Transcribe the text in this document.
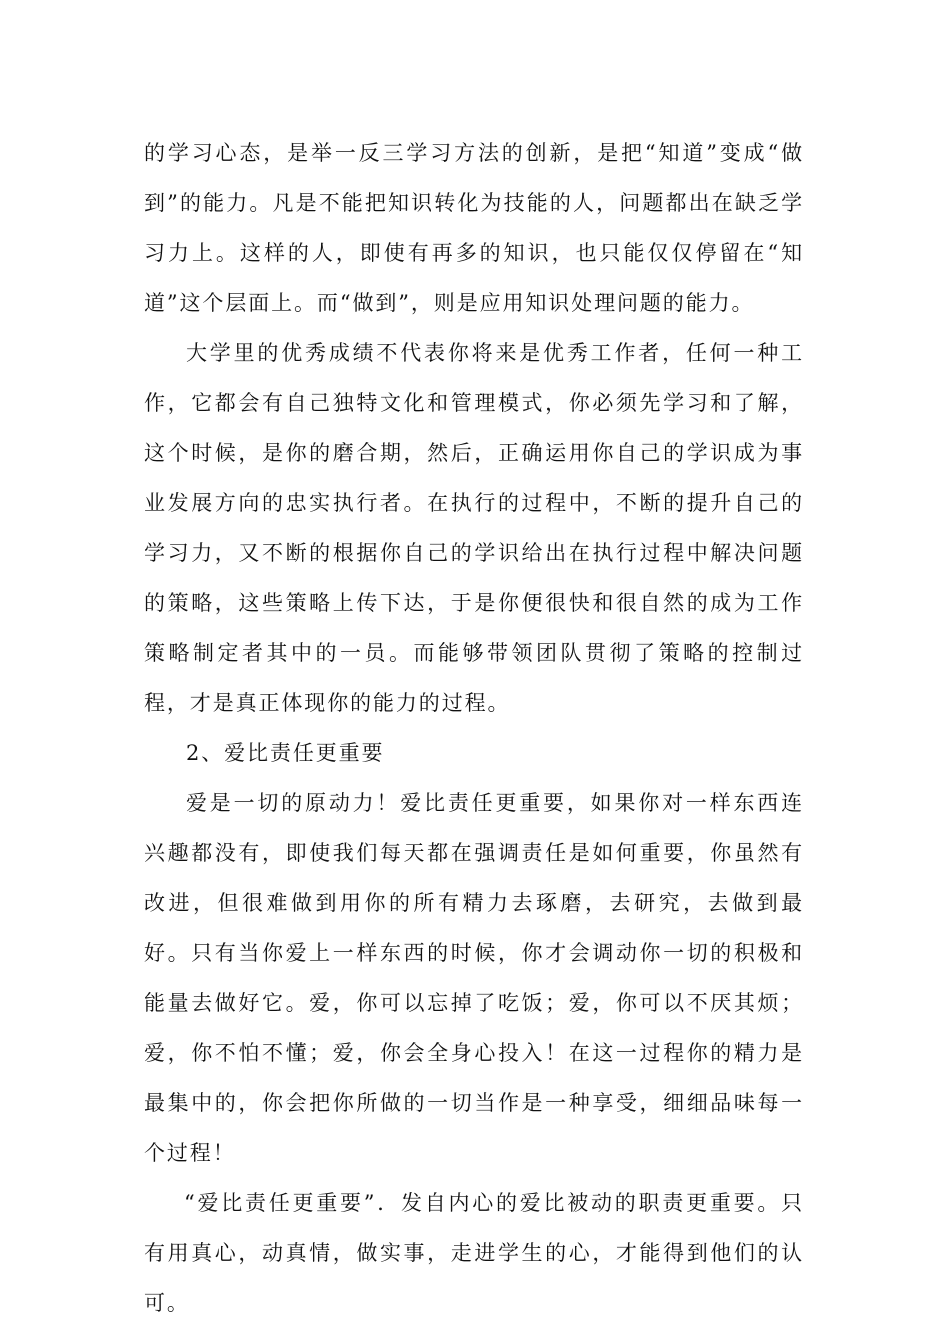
的学习心态，是举一反三学习方法的创新，是把“知道”变成“做到”的能力。凡是不能把知识转化为技能的人，问题都出在缺乏学习力上。这样的人，即使有再多的知识，也只能仅仅停留在“知道”这个层面上。而“做到”，则是应用知识处理问题的能力。

大学里的优秀成绩不代表你将来是优秀工作者，任何一种工作，它都会有自己独特文化和管理模式，你必须先学习和了解，这个时候，是你的磨合期，然后，正确运用你自己的学识成为事业发展方向的忠实执行者。在执行的过程中，不断的提升自己的学习力，又不断的根据你自己的学识给出在执行过程中解决问题的策略，这些策略上传下达，于是你便很快和很自然的成为工作策略制定者其中的一员。而能够带领团队贯彻了策略的控制过程，才是真正体现你的能力的过程。

2、爱比责任更重要

爱是一切的原动力！爱比责任更重要，如果你对一样东西连兴趣都没有，即使我们每天都在强调责任是如何重要，你虽然有改进，但很难做到用你的所有精力去琢磨，去研究，去做到最好。只有当你爱上一样东西的时候，你才会调动你一切的积极和能量去做好它。爱，你可以忘掉了吃饭；爱，你可以不厌其烦；爱，你不怕不懂；爱，你会全身心投入！在这一过程你的精力是最集中的，你会把你所做的一切当作是一种享受，细细品味每一个过程！

“爱比责任更重要”．发自内心的爱比被动的职责更重要。只有用真心，动真情，做实事，走进学生的心，才能得到他们的认可。
